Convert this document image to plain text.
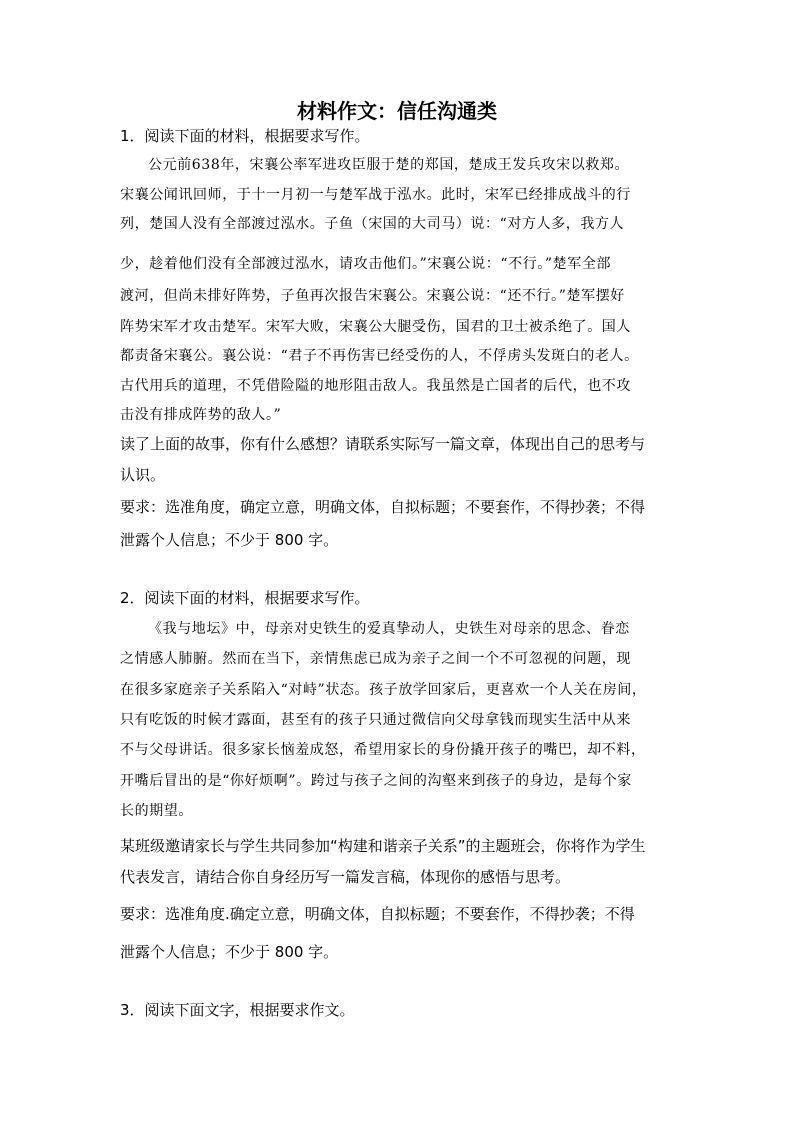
材料作文：信任沟通类

1．阅读下面的材料，根据要求写作。

公元前638年，宋襄公率军进攻臣服于楚的郑国，楚成王发兵攻宋以救郑。

宋襄公闻讯回师，于十一月初一与楚军战于泓水。此时，宋军已经排成战斗的行

列，楚国人没有全部渡过泓水。子鱼（宋国的大司马）说：“对方人多，我方人

少，趁着他们没有全部渡过泓水，请攻击他们。”宋襄公说：“不行。”楚军全部

渡河，但尚未排好阵势，子鱼再次报告宋襄公。宋襄公说：“还不行。”楚军摆好

阵势宋军才攻击楚军。宋军大败，宋襄公大腿受伤，国君的卫士被杀绝了。国人

都责备宋襄公。襄公说：“君子不再伤害已经受伤的人，不俘虏头发斑白的老人。

古代用兵的道理，不凭借险隘的地形阻击敌人。我虽然是亡国者的后代，也不攻

击没有排成阵势的敌人。”

读了上面的故事，你有什么感想？请联系实际写一篇文章，体现出自己的思考与

认识。

要求：选准角度，确定立意，明确文体，自拟标题；不要套作，不得抄袭；不得

泄露个人信息；不少于 800 字。

2．阅读下面的材料，根据要求写作。

《我与地坛》中，母亲对史铁生的爱真挚动人，史铁生对母亲的思念、眷恋

之情感人肺腑。然而在当下，亲情焦虑已成为亲子之间一个不可忽视的问题，现

在很多家庭亲子关系陷入“对峙”状态。孩子放学回家后，更喜欢一个人关在房间，

只有吃饭的时候才露面，甚至有的孩子只通过微信向父母拿钱而现实生活中从来

不与父母讲话。很多家长恼羞成怒，希望用家长的身份撬开孩子的嘴巴，却不料，

开嘴后冒出的是“你好烦啊”。跨过与孩子之间的沟壑来到孩子的身边，是每个家

长的期望。

某班级邀请家长与学生共同参加“构建和谐亲子关系”的主题班会，你将作为学生

代表发言，请结合你自身经历写一篇发言稿，体现你的感悟与思考。

要求：选准角度.确定立意，明确文体，自拟标题；不要套作，不得抄袭；不得

泄露个人信息；不少于 800 字。

3．阅读下面文字，根据要求作文。
